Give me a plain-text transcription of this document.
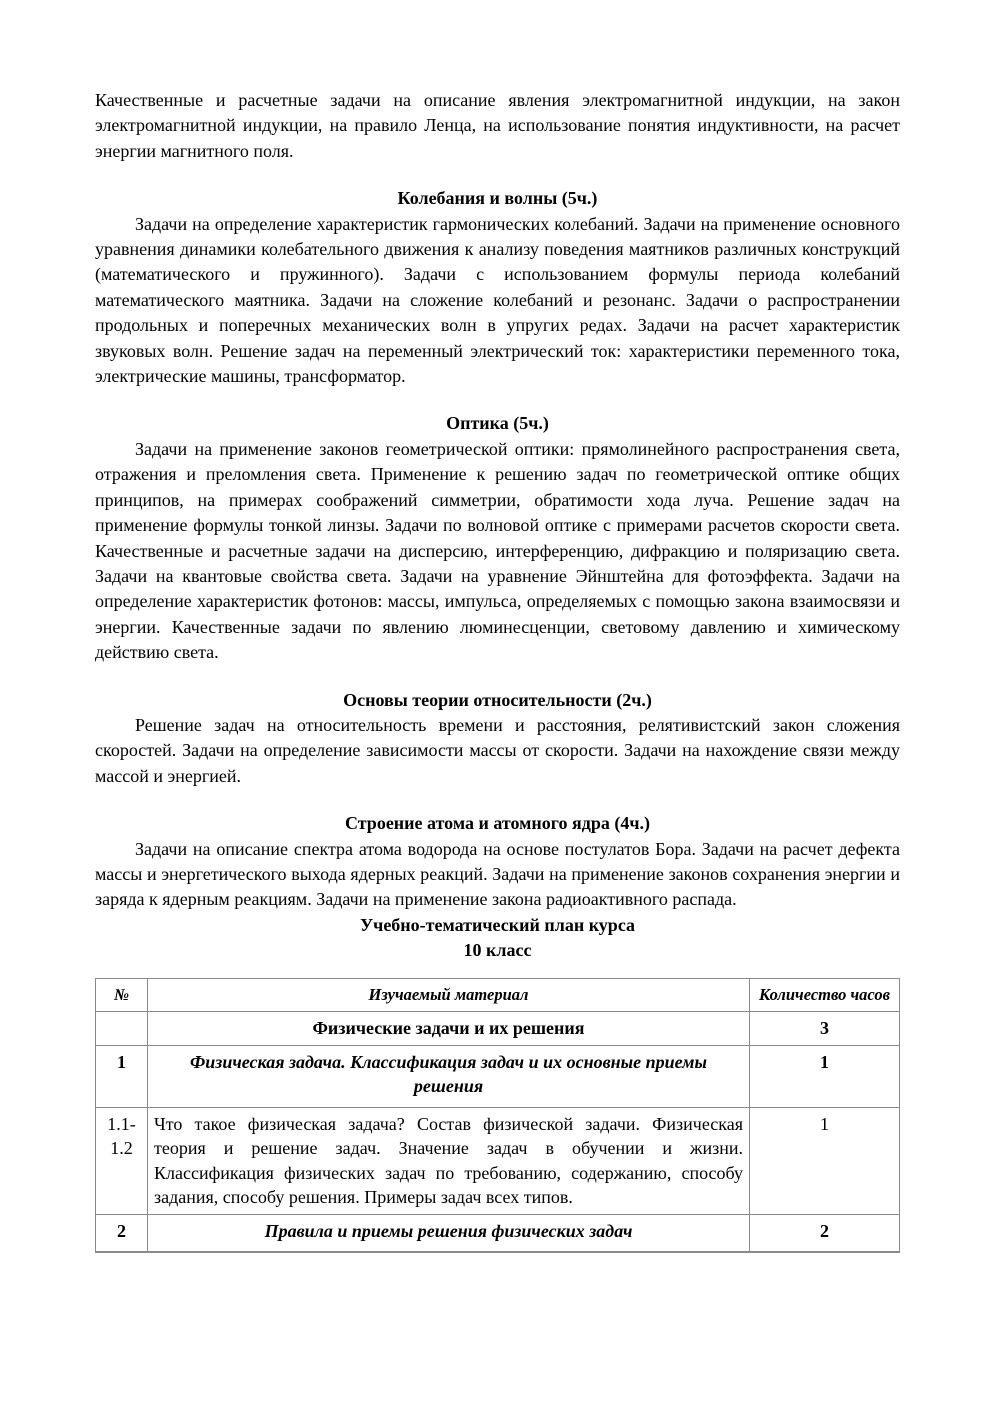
Качественные и расчетные задачи на описание явления электромагнитной индукции, на закон электромагнитной индукции, на правило Ленца, на использование понятия индуктивности, на расчет энергии магнитного поля.

Колебания и волны (5ч.)

Задачи на определение характеристик гармонических колебаний. Задачи на применение основного уравнения динамики колебательного движения к анализу поведения маятников различных конструкций (математического и пружинного). Задачи с использованием формулы периода колебаний математического маятника. Задачи на сложение колебаний и резонанс. Задачи о распространении продольных и поперечных механических волн в упругих редах. Задачи на расчет характеристик звуковых волн. Решение задач на переменный электрический ток: характеристики переменного тока, электрические машины, трансформатор.

Оптика (5ч.)

Задачи на применение законов геометрической оптики: прямолинейного распространения света, отражения и преломления света. Применение к решению задач по геометрической оптике общих принципов, на примерах соображений симметрии, обратимости хода луча. Решение задач на применение формулы тонкой линзы. Задачи по волновой оптике с примерами расчетов скорости света. Качественные и расчетные задачи на дисперсию, интерференцию, дифракцию и поляризацию света. Задачи на квантовые свойства света. Задачи на уравнение Эйнштейна для фотоэффекта. Задачи на определение характеристик фотонов: массы, импульса, определяемых с помощью закона взаимосвязи и энергии. Качественные задачи по явлению люминесценции, световому давлению и химическому действию света.

Основы теории относительности (2ч.)

Решение задач на относительность времени и расстояния, релятивистский закон сложения скоростей. Задачи на определение зависимости массы от скорости. Задачи на нахождение связи между массой и энергией.

Строение атома и атомного ядра (4ч.)

Задачи на описание спектра атома водорода на основе постулатов Бора. Задачи на расчет дефекта массы и энергетического выхода ядерных реакций. Задачи на применение законов сохранения энергии и заряда к ядерным реакциям. Задачи на применение закона радиоактивного распада.

Учебно-тематический план курса
10 класс
№	Изучаемый материал	Количество часов
	Физические задачи и их решения	3
1	Физическая задача. Классификация задач и их основные приемы решения	1
1.1-1.2	Что такое физическая задача? Состав физической задачи. Физическая теория и решение задач. Значение задач в обучении и жизни. Классификация физических задач по требованию, содержанию, способу задания, способу решения. Примеры задач всех типов.	1
2	Правила и приемы решения физических задач	2
